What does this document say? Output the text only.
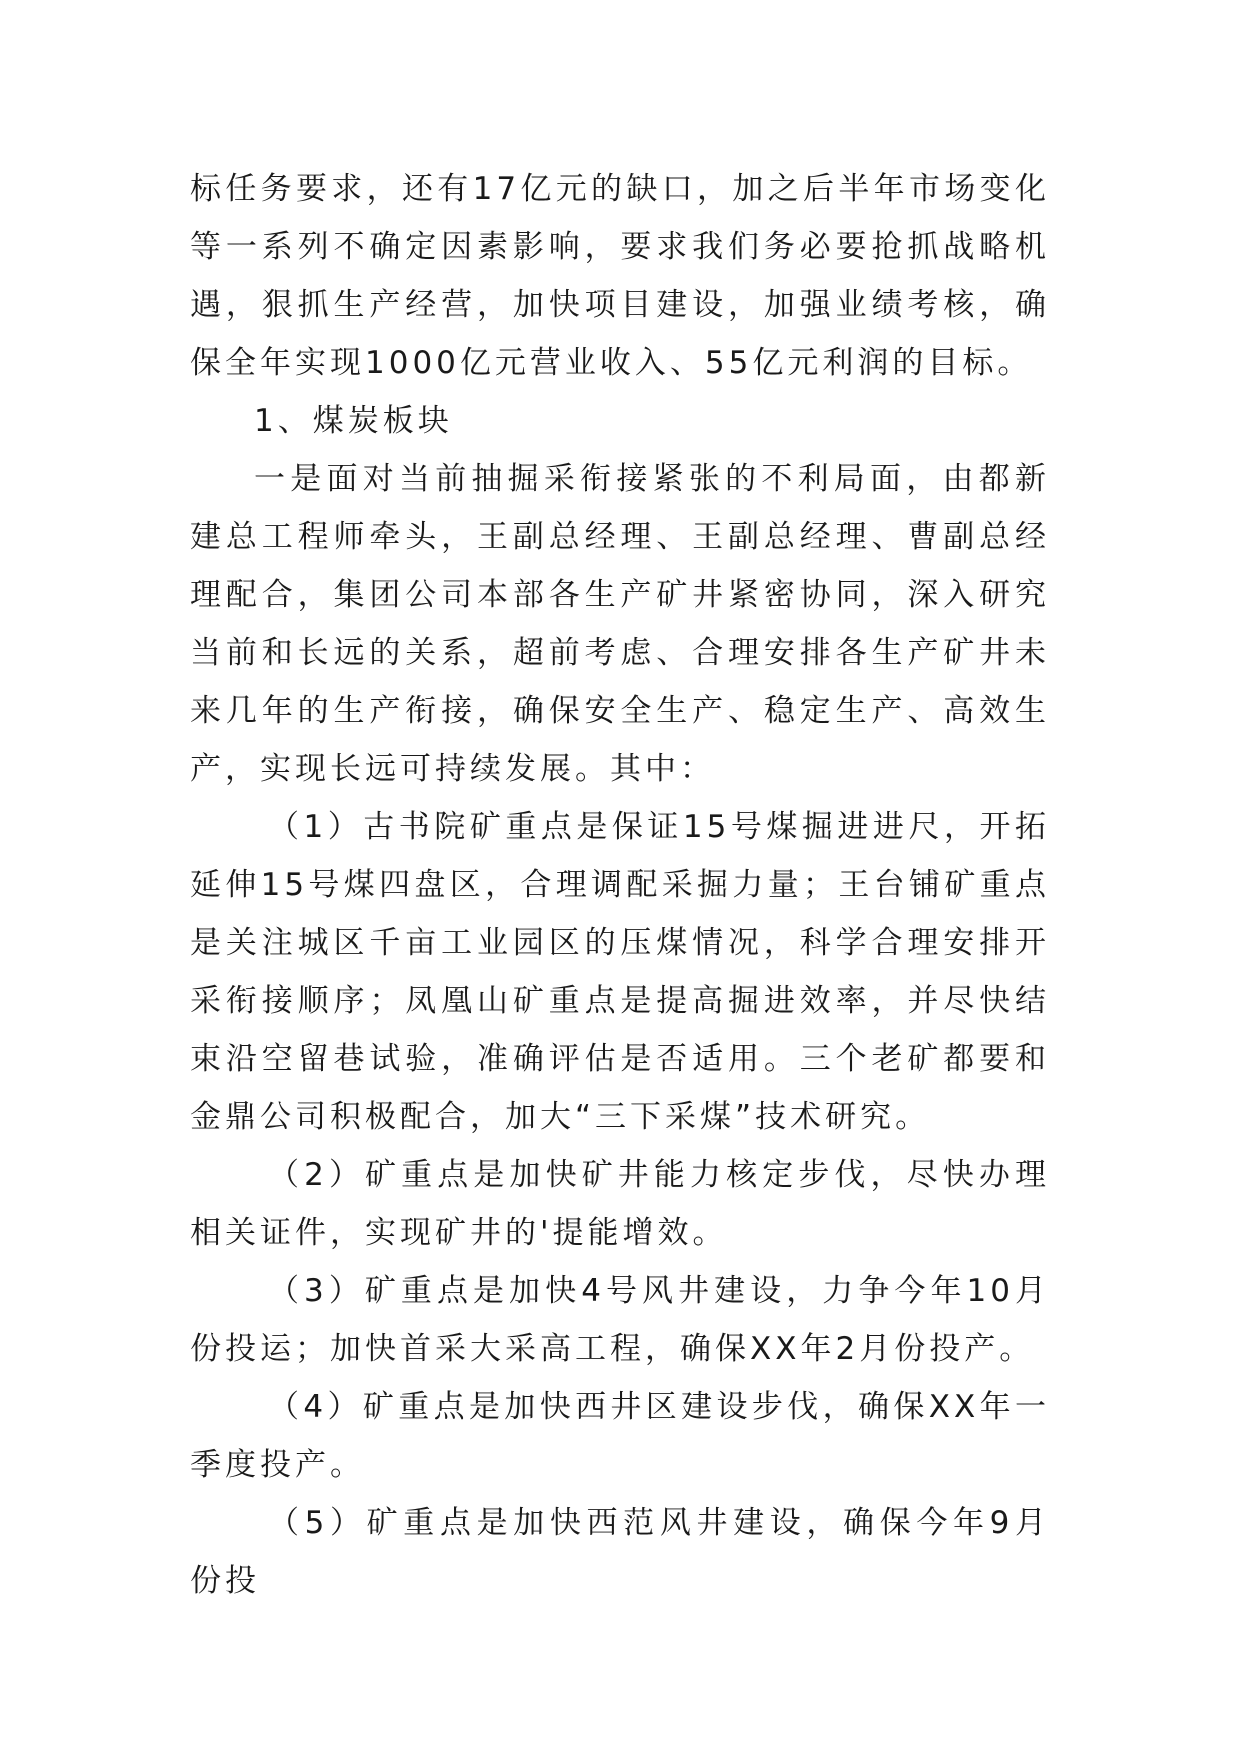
标任务要求，还有17亿元的缺口，加之后半年市场变化等一系列不确定因素影响，要求我们务必要抢抓战略机遇，狠抓生产经营，加快项目建设，加强业绩考核，确保全年实现1000亿元营业收入、55亿元利润的目标。

1、煤炭板块

一是面对当前抽掘采衔接紧张的不利局面，由都新建总工程师牵头，王副总经理、王副总经理、曹副总经理配合，集团公司本部各生产矿井紧密协同，深入研究当前和长远的关系，超前考虑、合理安排各生产矿井未来几年的生产衔接，确保安全生产、稳定生产、高效生产，实现长远可持续发展。其中：

（1）古书院矿重点是保证15号煤掘进进尺，开拓延伸15号煤四盘区，合理调配采掘力量；王台铺矿重点是关注城区千亩工业园区的压煤情况，科学合理安排开采衔接顺序；凤凰山矿重点是提高掘进效率，并尽快结束沿空留巷试验，准确评估是否适用。三个老矿都要和金鼎公司积极配合，加大“三下采煤”技术研究。

（2）矿重点是加快矿井能力核定步伐，尽快办理相关证件，实现矿井的'提能增效。

（3）矿重点是加快4号风井建设，力争今年10月份投运；加快首采大采高工程，确保XX年2月份投产。

（4）矿重点是加快西井区建设步伐，确保XX年一季度投产。

（5）矿重点是加快西范风井建设，确保今年9月份投
